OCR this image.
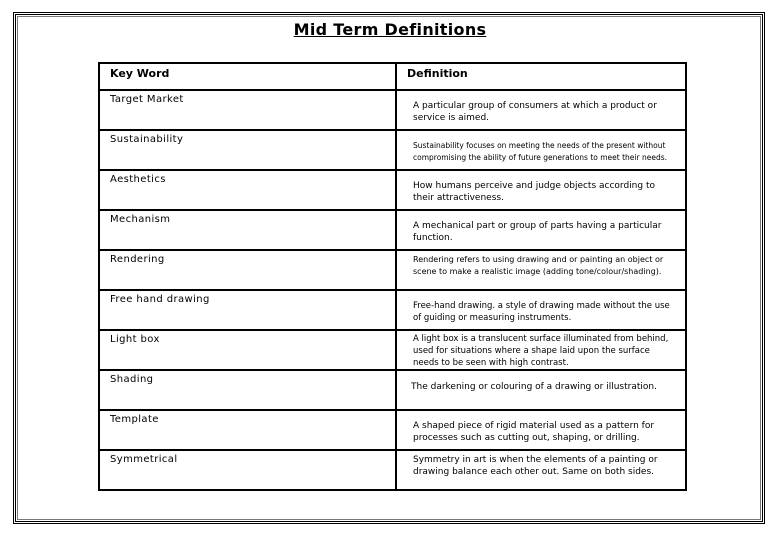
Mid Term Definitions
Key Word	Definition
Target Market	A particular group of consumers at which a product or service is aimed.
Sustainability	Sustainability focuses on meeting the needs of the present without compromising the ability of future generations to meet their needs.
Aesthetics	How humans perceive and judge objects according to their attractiveness.
Mechanism	A mechanical part or group of parts having a particular function.
Rendering	Rendering refers to using drawing and or painting an object or scene to make a realistic image (adding tone/colour/shading).
Free hand drawing	Free-hand drawing. a style of drawing made without the use of guiding or measuring instruments.
Light box	A light box is a translucent surface illuminated from behind, used for situations where a shape laid upon the surface needs to be seen with high contrast.
Shading	The darkening or colouring of a drawing or illustration.
Template	A shaped piece of rigid material used as a pattern for processes such as cutting out, shaping, or drilling.
Symmetrical	Symmetry in art is when the elements of a painting or drawing balance each other out. Same on both sides.
